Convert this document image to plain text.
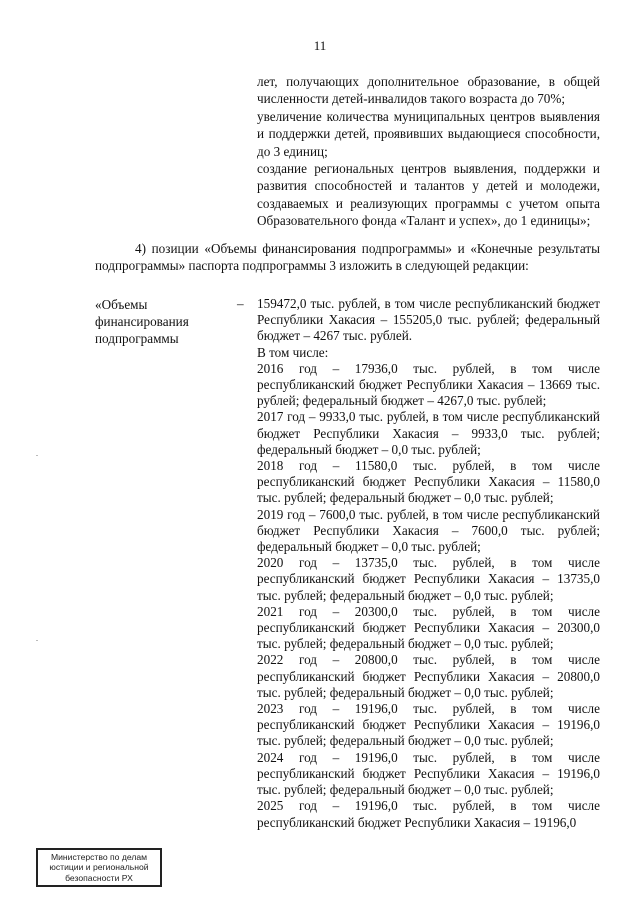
11

лет, получающих дополнительное образование, в общей численности детей-инвалидов такого возраста до 70%;

увеличение количества муниципальных центров выявления и поддержки детей, проявивших выдающиеся способности, до 3 единиц;

создание региональных центров выявления, поддержки и развития способностей и талантов у детей и молодежи, создаваемых и реализующих программы с учетом опыта Образовательного фонда «Талант и успех», до 1 единицы»;

4) позиции «Объемы финансирования подпрограммы» и «Конечные результаты подпрограммы» паспорта подпрограммы 3 изложить в следующей редакции:

«Объемы
финансирования
подпрограммы
– 159472,0 тыс. рублей, в том числе республиканский бюджет Республики Хакасия – 155205,0 тыс. рублей; федеральный бюджет – 4267 тыс. рублей.

В том числе:

2016 год – 17936,0 тыс. рублей, в том числе республиканский бюджет Республики Хакасия – 13669 тыс. рублей; федеральный бюджет – 4267,0 тыс. рублей;

2017 год – 9933,0 тыс. рублей, в том числе республиканский бюджет Республики Хакасия – 9933,0 тыс. рублей; федеральный бюджет – 0,0 тыс. рублей;

2018 год – 11580,0 тыс. рублей, в том числе республиканский бюджет Республики Хакасия – 11580,0 тыс. рублей; федеральный бюджет – 0,0 тыс. рублей;

2019 год – 7600,0 тыс. рублей, в том числе республиканский бюджет Республики Хакасия – 7600,0 тыс. рублей; федеральный бюджет – 0,0 тыс. рублей;

2020 год – 13735,0 тыс. рублей, в том числе республиканский бюджет Республики Хакасия – 13735,0 тыс. рублей; федеральный бюджет – 0,0 тыс. рублей;

2021 год – 20300,0 тыс. рублей, в том числе республиканский бюджет Республики Хакасия – 20300,0 тыс. рублей; федеральный бюджет – 0,0 тыс. рублей;

2022 год – 20800,0 тыс. рублей, в том числе республиканский бюджет Республики Хакасия – 20800,0 тыс. рублей; федеральный бюджет – 0,0 тыс. рублей;

2023 год – 19196,0 тыс. рублей, в том числе республиканский бюджет Республики Хакасия – 19196,0 тыс. рублей; федеральный бюджет – 0,0 тыс. рублей;

2024 год – 19196,0 тыс. рублей, в том числе республиканский бюджет Республики Хакасия – 19196,0 тыс. рублей; федеральный бюджет – 0,0 тыс. рублей;

2025 год – 19196,0 тыс. рублей, в том числе республиканский бюджет Республики Хакасия – 19196,0

Министерство по делам
юстиции и региональной
безопасности РХ
